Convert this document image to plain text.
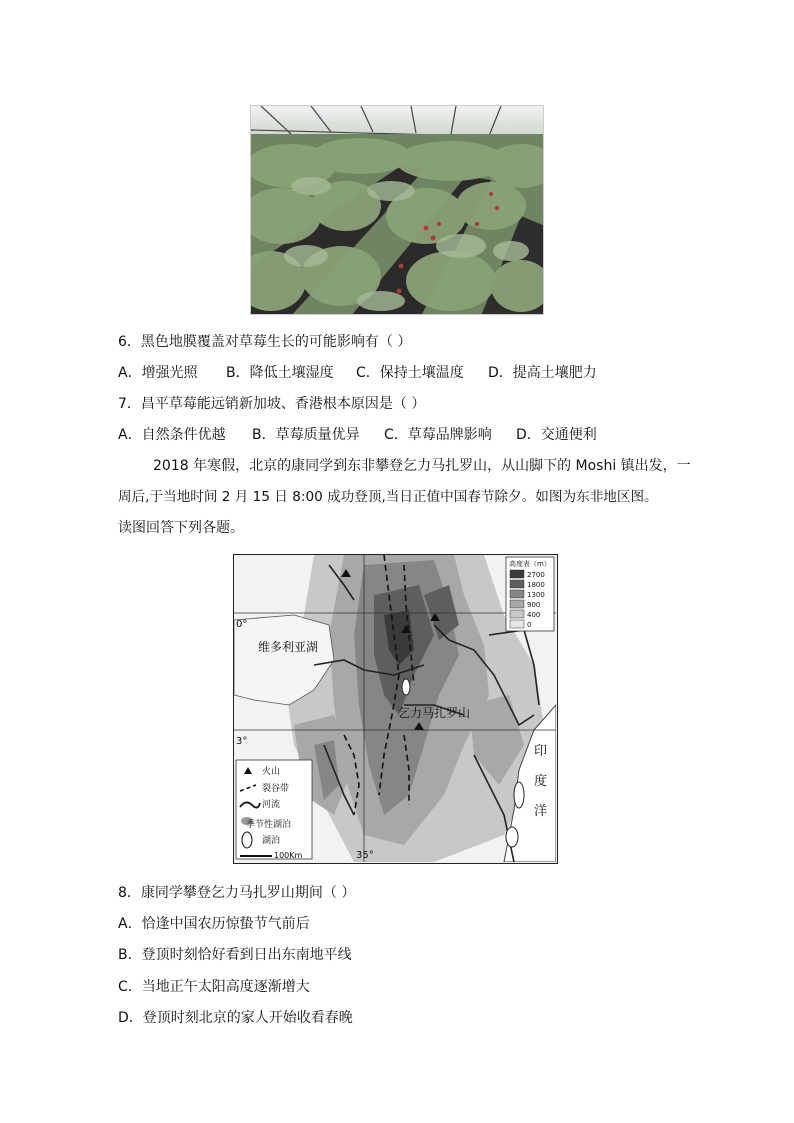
6．黑色地膜覆盖对草莓生长的可能影响有（ ）
A．增强光照 B．降低土壤湿度 C．保持土壤温度 D．提高土壤肥力
7．昌平草莓能远销新加坡、香港根本原因是（ ）
A．自然条件优越 B．草莓质量优异 C．草莓品牌影响 D．交通便利
2018 年寒假，北京的康同学到东非攀登乞力马扎罗山，从山脚下的 Moshi 镇出发，一
周后,于当地时间 2 月 15 日 8:00 成功登顶,当日正值中国春节除夕。如图为东非地区图。
读图回答下列各题。
0°
3°
35°
维多利亚湖
乞力马扎罗山
印
度
洋
高度表（m）
2700
1800
1300
900
400
0
火山
裂谷带
河流
季节性湖泊
湖泊
100Km
8．康同学攀登乞力马扎罗山期间（ ）
A．恰逢中国农历惊蛰节气前后
B．登顶时刻恰好看到日出东南地平线
C．当地正午太阳高度逐渐增大
D．登顶时刻北京的家人开始收看春晚
